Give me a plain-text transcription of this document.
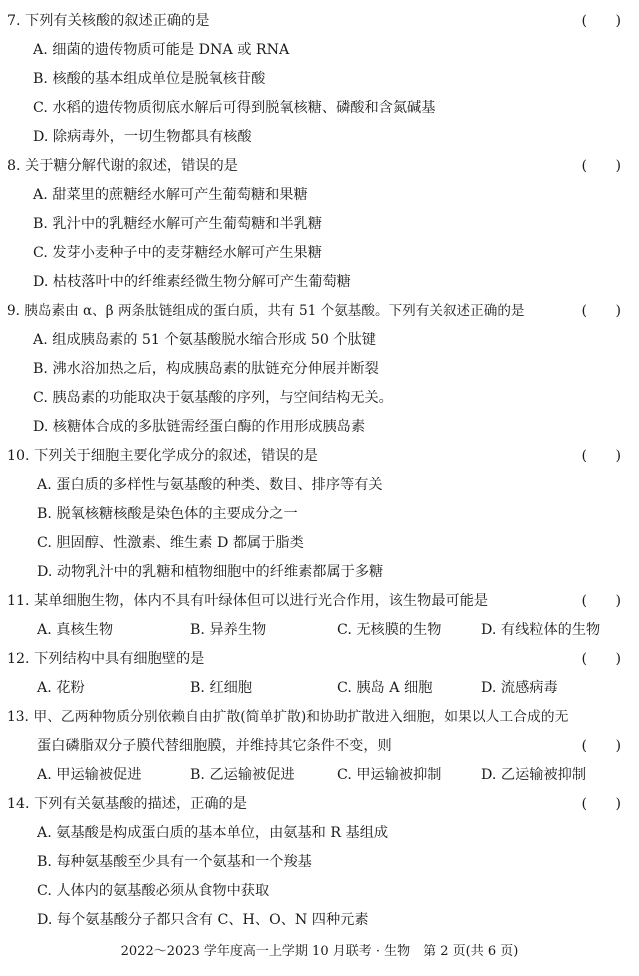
7. 下列有关核酸的叙述正确的是	(　　)
A. 细菌的遗传物质可能是 DNA 或 RNA
B. 核酸的基本组成单位是脱氧核苷酸
C. 水稻的遗传物质彻底水解后可得到脱氧核糖、磷酸和含氮碱基
D. 除病毒外，一切生物都具有核酸
8. 关于糖分解代谢的叙述，错误的是	(　　)
A. 甜菜里的蔗糖经水解可产生葡萄糖和果糖
B. 乳汁中的乳糖经水解可产生葡萄糖和半乳糖
C. 发芽小麦种子中的麦芽糖经水解可产生果糖
D. 枯枝落叶中的纤维素经微生物分解可产生葡萄糖
9. 胰岛素由 α、β 两条肽链组成的蛋白质，共有 51 个氨基酸。下列有关叙述正确的是	(　　)
A. 组成胰岛素的 51 个氨基酸脱水缩合形成 50 个肽键
B. 沸水浴加热之后，构成胰岛素的肽链充分伸展并断裂
C. 胰岛素的功能取决于氨基酸的序列，与空间结构无关。
D. 核糖体合成的多肽链需经蛋白酶的作用形成胰岛素
10. 下列关于细胞主要化学成分的叙述，错误的是	(　　)
A. 蛋白质的多样性与氨基酸的种类、数目、排序等有关
B. 脱氧核糖核酸是染色体的主要成分之一
C. 胆固醇、性激素、维生素 D 都属于脂类
D. 动物乳汁中的乳糖和植物细胞中的纤维素都属于多糖
11. 某单细胞生物，体内不具有叶绿体但可以进行光合作用，该生物最可能是	(　　)
A. 真核生物	B. 异养生物	C. 无核膜的生物	D. 有线粒体的生物
12. 下列结构中具有细胞壁的是	(　　)
A. 花粉	B. 红细胞	C. 胰岛 A 细胞	D. 流感病毒
13. 甲、乙两种物质分别依赖自由扩散(简单扩散)和协助扩散进入细胞，如果以人工合成的无
蛋白磷脂双分子膜代替细胞膜，并维持其它条件不变，则	(　　)
A. 甲运输被促进	B. 乙运输被促进	C. 甲运输被抑制	D. 乙运输被抑制
14. 下列有关氨基酸的描述，正确的是	(　　)
A. 氨基酸是构成蛋白质的基本单位，由氨基和 R 基组成
B. 每种氨基酸至少具有一个氨基和一个羧基
C. 人体内的氨基酸必须从食物中获取
D. 每个氨基酸分子都只含有 C、H、O、N 四种元素
2022～2023 学年度高一上学期 10 月联考 · 生物　第 2 页(共 6 页)
